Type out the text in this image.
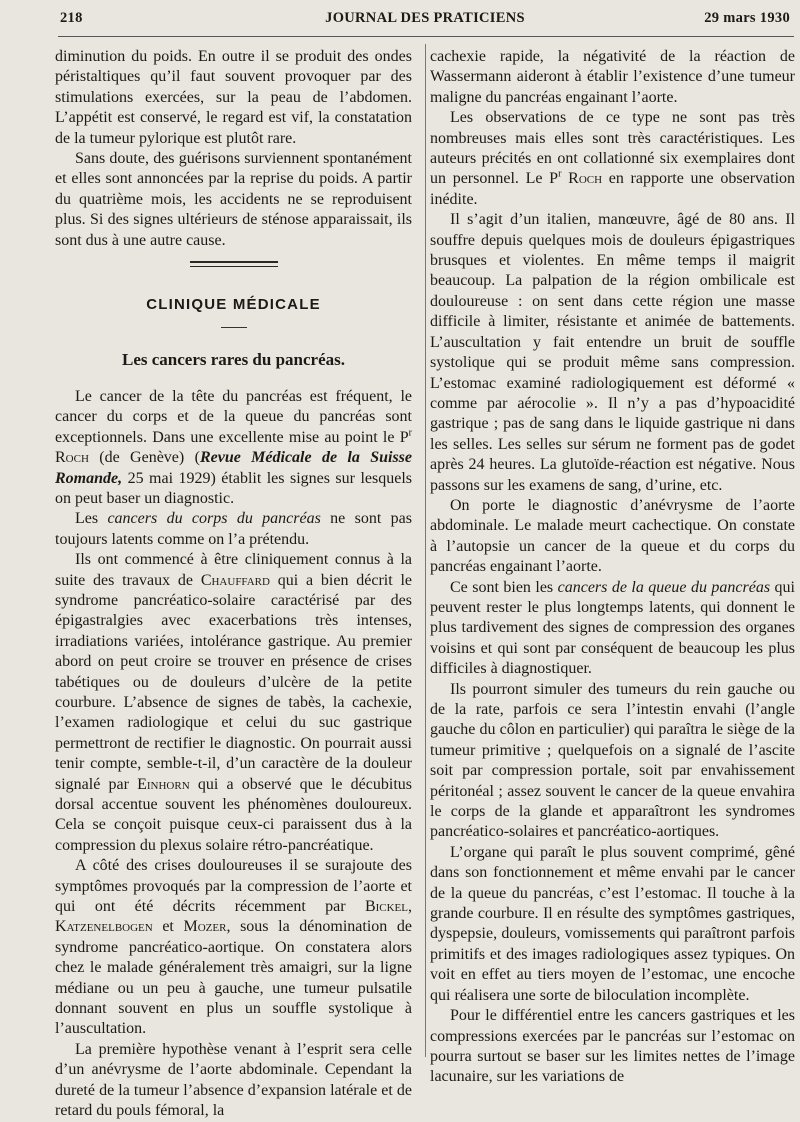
218	JOURNAL DES PRATICIENS	29 mars 1930

diminution du poids. En outre il se produit des ondes péristaltiques qu’il faut souvent provoquer par des stimulations exercées, sur la peau de l’abdomen. L’appétit est conservé, le regard est vif, la constatation de la tumeur pylorique est plutôt rare.

Sans doute, des guérisons surviennent spontanément et elles sont annoncées par la reprise du poids. A partir du quatrième mois, les accidents ne se reproduisent plus. Si des signes ultérieurs de sténose apparaissait, ils sont dus à une autre cause.

CLINIQUE MÉDICALE
Les cancers rares du pancréas.

Le cancer de la tête du pancréas est fréquent, le cancer du corps et de la queue du pancréas sont exceptionnels. Dans une excellente mise au point le $P^r$ Roch (de Genève) (Revue Médicale de la Suisse Romande, 25 mai 1929) établit les signes sur lesquels on peut baser un diagnostic.

Les cancers du corps du pancréas ne sont pas toujours latents comme on l’a prétendu.

Ils ont commencé à être cliniquement connus à la suite des travaux de Chauffard qui a bien décrit le syndrome pancréatico-solaire caractérisé par des épigastralgies avec exacerbations très intenses, irradiations variées, intolérance gastrique. Au premier abord on peut croire se trouver en présence de crises tabétiques ou de douleurs d’ulcère de la petite courbure. L’absence de signes de tabès, la cachexie, l’examen radiologique et celui du suc gastrique permettront de rectifier le diagnostic. On pourrait aussi tenir compte, semble-t-il, d’un caractère de la douleur signalé par Einhorn qui a observé que le décubitus dorsal accentue souvent les phénomènes douloureux. Cela se conçoit puisque ceux-ci paraissent dus à la compression du plexus solaire rétro-pancréatique.

A côté des crises douloureuses il se surajoute des symptômes provoqués par la compression de l’aorte et qui ont été décrits récemment par Bickel, Katzenelbogen et Mozer, sous la dénomination de syndrome pancréatico-aortique. On constatera alors chez le malade généralement très amaigri, sur la ligne médiane ou un peu à gauche, une tumeur pulsatile donnant souvent en plus un souffle systolique à l’auscultation.

La première hypothèse venant à l’esprit sera celle d’un anévrysme de l’aorte abdominale. Cependant la dureté de la tumeur l’absence d’expansion latérale et de retard du pouls fémoral, la

cachexie rapide, la négativité de la réaction de Wassermann aideront à établir l’existence d’une tumeur maligne du pancréas engainant l’aorte.

Les observations de ce type ne sont pas très nombreuses mais elles sont très caractéristiques. Les auteurs précités en ont collationné six exemplaires dont un personnel. Le $P^r$ Roch en rapporte une observation inédite.

Il s’agit d’un italien, manœuvre, âgé de 80 ans. Il souffre depuis quelques mois de douleurs épigastriques brusques et violentes. En même temps il maigrit beaucoup. La palpation de la région ombilicale est douloureuse : on sent dans cette région une masse difficile à limiter, résistante et animée de battements. L’auscultation y fait entendre un bruit de souffle systolique qui se produit même sans compression. L’estomac examiné radiologiquement est déformé « comme par aérocolie ». Il n’y a pas d’hypoacidité gastrique ; pas de sang dans le liquide gastrique ni dans les selles. Les selles sur sérum ne forment pas de godet après 24 heures. La glutoïde-réaction est négative. Nous passons sur les examens de sang, d’urine, etc.

On porte le diagnostic d’anévrysme de l’aorte abdominale. Le malade meurt cachectique. On constate à l’autopsie un cancer de la queue et du corps du pancréas engainant l’aorte.

Ce sont bien les cancers de la queue du pancréas qui peuvent rester le plus longtemps latents, qui donnent le plus tardivement des signes de compression des organes voisins et qui sont par conséquent de beaucoup les plus difficiles à diagnostiquer.

Ils pourront simuler des tumeurs du rein gauche ou de la rate, parfois ce sera l’intestin envahi (l’angle gauche du côlon en particulier) qui paraîtra le siège de la tumeur primitive ; quelquefois on a signalé de l’ascite soit par compression portale, soit par envahissement péritonéal ; assez souvent le cancer de la queue envahira le corps de la glande et apparaîtront les syndromes pancréatico-solaires et pancréatico-aortiques.

L’organe qui paraît le plus souvent comprimé, gêné dans son fonctionnement et même envahi par le cancer de la queue du pancréas, c’est l’estomac. Il touche à la grande courbure. Il en résulte des symptômes gastriques, dyspepsie, douleurs, vomissements qui paraîtront parfois primitifs et des images radiologiques assez typiques. On voit en effet au tiers moyen de l’estomac, une encoche qui réalisera une sorte de biloculation incomplète.

Pour le différentiel entre les cancers gastriques et les compressions exercées par le pancréas sur l’estomac on pourra surtout se baser sur les limites nettes de l’image lacunaire, sur les variations de
